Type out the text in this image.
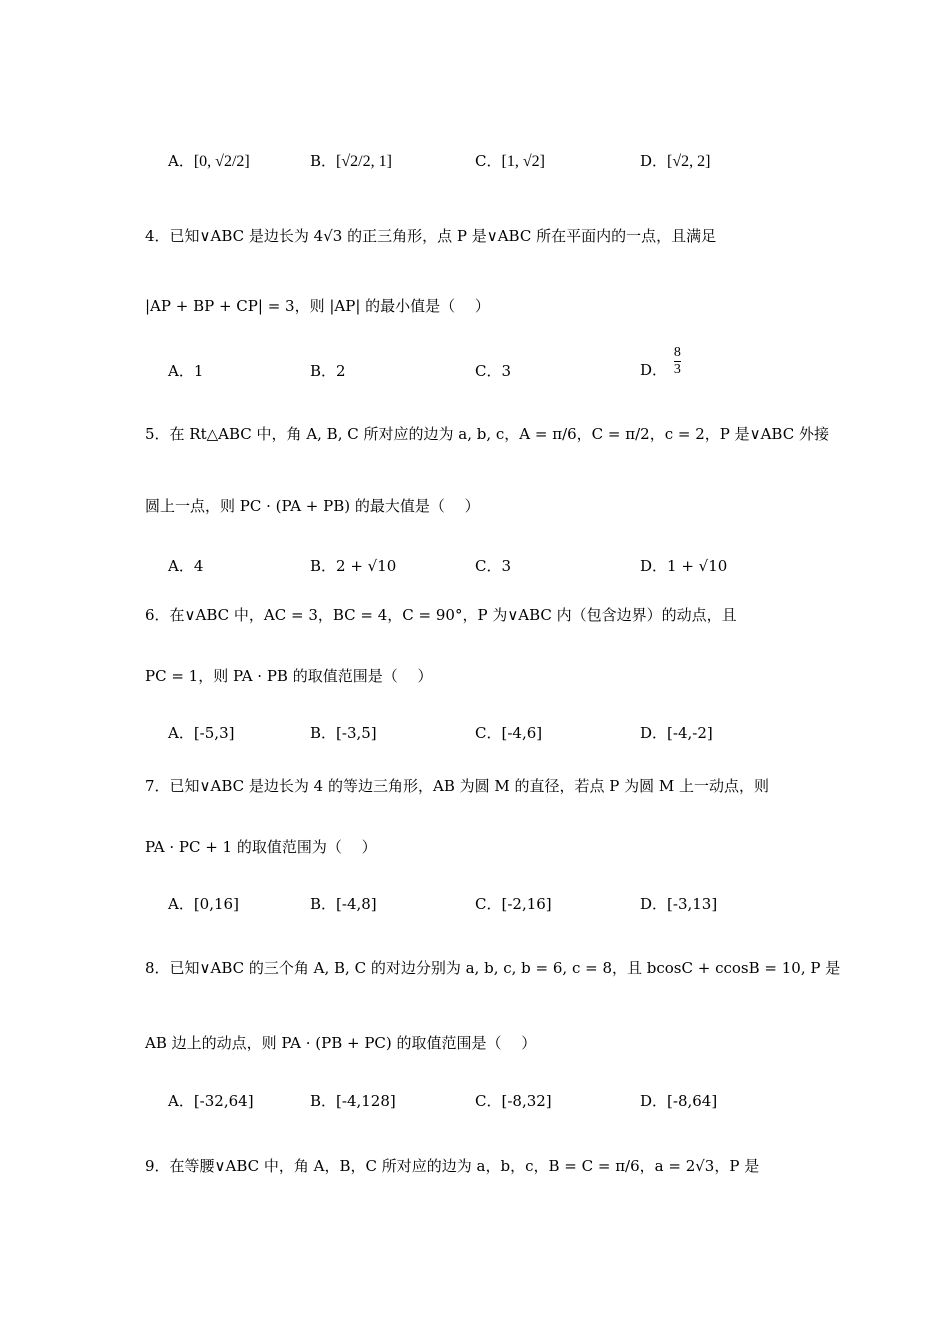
A．[0, √2/2]	B．[√2/2, 1]	C．[1, √2]	D．[√2, 2]
4．已知∨ABC 是边长为 4√3 的正三角形，点 P 是∨ABC 所在平面内的一点，且满足
|AP + BP + CP| = 3，则 |AP| 的最小值是（　 ）
A．1	B．2	C．3	D． $\frac{8}{3}$
5．在 Rt△ABC 中，角 A, B, C 所对应的边为 a, b, c，A = π/6，C = π/2，c = 2，P 是∨ABC 外接
圆上一点，则 PC · (PA + PB) 的最大值是（　 ）
A．4	B．2 + √10	C．3	D．1 + √10
6．在∨ABC 中，AC = 3，BC = 4，C = 90°，P 为∨ABC 内（包含边界）的动点，且
PC = 1，则 PA · PB 的取值范围是（　 ）
A．[-5,3]	B．[-3,5]	C．[-4,6]	D．[-4,-2]
7．已知∨ABC 是边长为 4 的等边三角形，AB 为圆 M 的直径，若点 P 为圆 M 上一动点，则
PA · PC + 1 的取值范围为（　 ）
A．[0,16]	B．[-4,8]	C．[-2,16]	D．[-3,13]
8．已知∨ABC 的三个角 A, B, C 的对边分别为 a, b, c, b = 6, c = 8，且 bcosC + ccosB = 10, P 是
AB 边上的动点，则 PA · (PB + PC) 的取值范围是（　 ）
A．[-32,64]	B．[-4,128]	C．[-8,32]	D．[-8,64]
9．在等腰∨ABC 中，角 A，B，C 所对应的边为 a，b，c，B = C = π/6，a = 2√3，P 是
